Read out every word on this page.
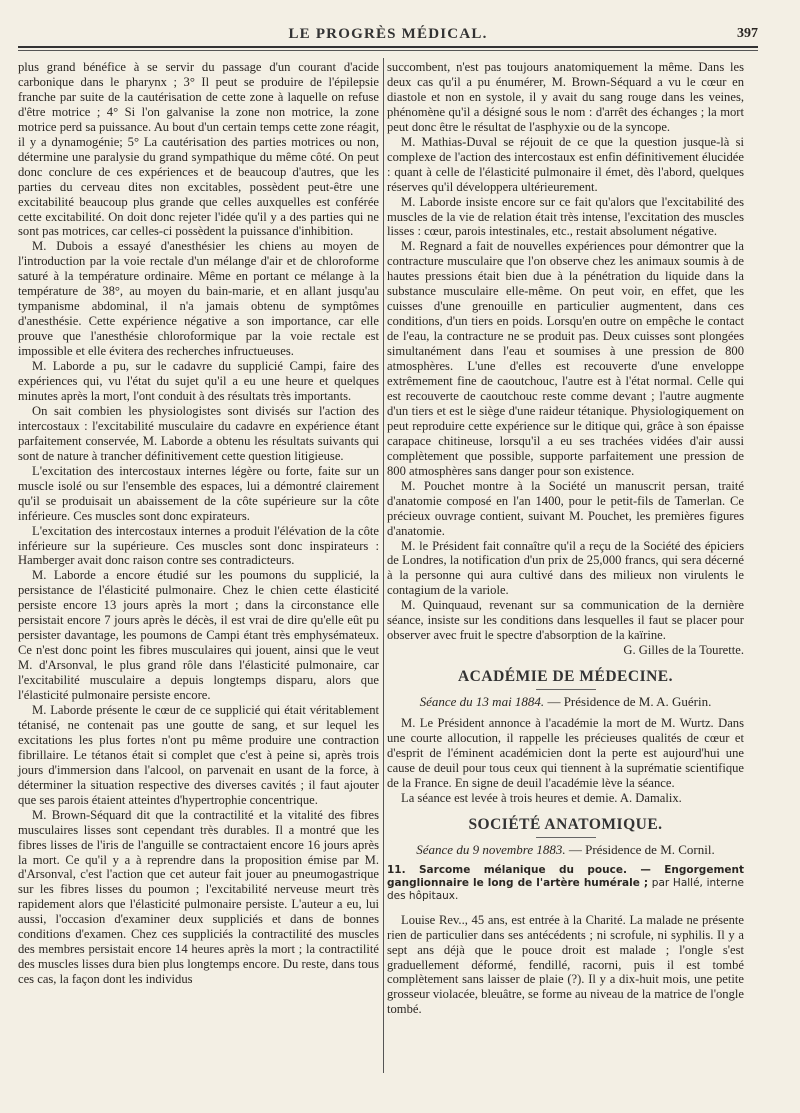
LE PROGRÈS MÉDICAL.	397

plus grand bénéfice à se servir du passage d'un courant d'acide carbonique dans le pharynx ; 3° Il peut se produire de l'épilepsie franche par suite de la cautérisation de cette zone à laquelle on refuse d'être motrice ; 4° Si l'on galvanise la zone non motrice, la zone motrice perd sa puissance. Au bout d'un certain temps cette zone réagit, il y a dynamogénie; 5° La cautérisation des parties motrices ou non, détermine une paralysie du grand sympathique du même côté. On peut donc conclure de ces expériences et de beaucoup d'autres, que les parties du cerveau dites non excitables, possèdent peut-être une excitabilité beaucoup plus grande que celles auxquelles est conférée cette excitabilité. On doit donc rejeter l'idée qu'il y a des parties qui ne sont pas motrices, car celles-ci possèdent la puissance d'inhibition.

M. Dubois a essayé d'anesthésier les chiens au moyen de l'introduction par la voie rectale d'un mélange d'air et de chloroforme saturé à la température ordinaire. Même en portant ce mélange à la température de 38°, au moyen du bain-marie, et en allant jusqu'au tympanisme abdominal, il n'a jamais obtenu de symptômes d'anesthésie. Cette expérience négative a son importance, car elle prouve que l'anesthésie chloroformique par la voie rectale est impossible et elle évitera des recherches infructueuses.

M. Laborde a pu, sur le cadavre du supplicié Campi, faire des expériences qui, vu l'état du sujet qu'il a eu une heure et quelques minutes après la mort, l'ont conduit à des résultats très importants.

On sait combien les physiologistes sont divisés sur l'action des intercostaux : l'excitabilité musculaire du cadavre en expérience étant parfaitement conservée, M. Laborde a obtenu les résultats suivants qui sont de nature à trancher définitivement cette question litigieuse.

L'excitation des intercostaux internes légère ou forte, faite sur un muscle isolé ou sur l'ensemble des espaces, lui a démontré clairement qu'il se produisait un abaissement de la côte supérieure sur la côte inférieure. Ces muscles sont donc expirateurs.

L'excitation des intercostaux internes a produit l'élévation de la côte inférieure sur la supérieure. Ces muscles sont donc inspirateurs : Hamberger avait donc raison contre ses contradicteurs.

M. Laborde a encore étudié sur les poumons du supplicié, la persistance de l'élasticité pulmonaire. Chez le chien cette élasticité persiste encore 13 jours après la mort ; dans la circonstance elle persistait encore 7 jours après le décès, il est vrai de dire qu'elle eût pu persister davantage, les poumons de Campi étant très emphysémateux. Ce n'est donc point les fibres musculaires qui jouent, ainsi que le veut M. d'Arsonval, le plus grand rôle dans l'élasticité pulmonaire, car l'excitabilité musculaire a depuis longtemps disparu, alors que l'élasticité pulmonaire persiste encore.

M. Laborde présente le cœur de ce supplicié qui était véritablement tétanisé, ne contenait pas une goutte de sang, et sur lequel les excitations les plus fortes n'ont pu même produire une contraction fibrillaire. Le tétanos était si complet que c'est à peine si, après trois jours d'immersion dans l'alcool, on parvenait en usant de la force, à déterminer la situation respective des diverses cavités ; il faut ajouter que ses parois étaient atteintes d'hypertrophie concentrique.

M. Brown-Séquard dit que la contractilité et la vitalité des fibres musculaires lisses sont cependant très durables. Il a montré que les fibres lisses de l'iris de l'anguille se contractaient encore 16 jours après la mort. Ce qu'il y a à reprendre dans la proposition émise par M. d'Arsonval, c'est l'action que cet auteur fait jouer au pneumogastrique sur les fibres lisses du poumon ; l'excitabilité nerveuse meurt très rapidement alors que l'élasticité pulmonaire persiste. L'auteur a eu, lui aussi, l'occasion d'examiner deux suppliciés et dans de bonnes conditions d'examen. Chez ces suppliciés la contractilité des muscles des membres persistait encore 14 heures après la mort ; la contractilité des muscles lisses dura bien plus longtemps encore. Du reste, dans tous ces cas, la façon dont les individus

succombent, n'est pas toujours anatomiquement la même. Dans les deux cas qu'il a pu énumérer, M. Brown-Séquard a vu le cœur en diastole et non en systole, il y avait du sang rouge dans les veines, phénomène qu'il a désigné sous le nom : d'arrêt des échanges ; la mort peut donc être le résultat de l'asphyxie ou de la syncope.

M. Mathias-Duval se réjouit de ce que la question jusque-là si complexe de l'action des intercostaux est enfin définitivement élucidée : quant à celle de l'élasticité pulmonaire il émet, dès l'abord, quelques réserves qu'il développera ultérieurement.

M. Laborde insiste encore sur ce fait qu'alors que l'excitabilité des muscles de la vie de relation était très intense, l'excitation des muscles lisses : cœur, parois intestinales, etc., restait absolument négative.

M. Regnard a fait de nouvelles expériences pour démontrer que la contracture musculaire que l'on observe chez les animaux soumis à de hautes pressions était bien due à la pénétration du liquide dans la substance musculaire elle-même. On peut voir, en effet, que les cuisses d'une grenouille en particulier augmentent, dans ces conditions, d'un tiers en poids. Lorsqu'en outre on empêche le contact de l'eau, la contracture ne se produit pas. Deux cuisses sont plongées simultanément dans l'eau et soumises à une pression de 800 atmosphères. L'une d'elles est recouverte d'une enveloppe extrêmement fine de caoutchouc, l'autre est à l'état normal. Celle qui est recouverte de caoutchouc reste comme devant ; l'autre augmente d'un tiers et est le siège d'une raideur tétanique. Physiologiquement on peut reproduire cette expérience sur le ditique qui, grâce à son épaisse carapace chitineuse, lorsqu'il a eu ses trachées vidées d'air aussi complètement que possible, supporte parfaitement une pression de 800 atmosphères sans danger pour son existence.

M. Pouchet montre à la Société un manuscrit persan, traité d'anatomie composé en l'an 1400, pour le petit-fils de Tamerlan. Ce précieux ouvrage contient, suivant M. Pouchet, les premières figures d'anatomie.

M. le Président fait connaître qu'il a reçu de la Société des épiciers de Londres, la notification d'un prix de 25,000 francs, qui sera décerné à la personne qui aura cultivé dans des milieux non virulents le contagium de la variole.

M. Quinquaud, revenant sur sa communication de la dernière séance, insiste sur les conditions dans lesquelles il faut se placer pour observer avec fruit le spectre d'absorption de la kaïrine.

G. Gilles de la Tourette.

ACADÉMIE DE MÉDECINE.

Séance du 13 mai 1884. — Présidence de M. A. Guérin.

M. Le Président annonce à l'académie la mort de M. Wurtz. Dans une courte allocution, il rappelle les précieuses qualités de cœur et d'esprit de l'éminent académicien dont la perte est aujourd'hui une cause de deuil pour tous ceux qui tiennent à la suprématie scientifique de la France. En signe de deuil l'académie lève la séance.

La séance est levée à trois heures et demie. A. Damalix.

SOCIÉTÉ ANATOMIQUE.

Séance du 9 novembre 1883. — Présidence de M. Cornil.

11. Sarcome mélanique du pouce. — Engorgement ganglionnaire le long de l'artère humérale ; par Hallé, interne des hôpitaux.

Louise Rev.., 45 ans, est entrée à la Charité. La malade ne présente rien de particulier dans ses antécédents ; ni scrofule, ni syphilis. Il y a sept ans déjà que le pouce droit est malade ; l'ongle s'est graduellement déformé, fendillé, racorni, puis il est tombé complètement sans laisser de plaie (?). Il y a dix-huit mois, une petite grosseur violacée, bleuâtre, se forme au niveau de la matrice de l'ongle tombé.
